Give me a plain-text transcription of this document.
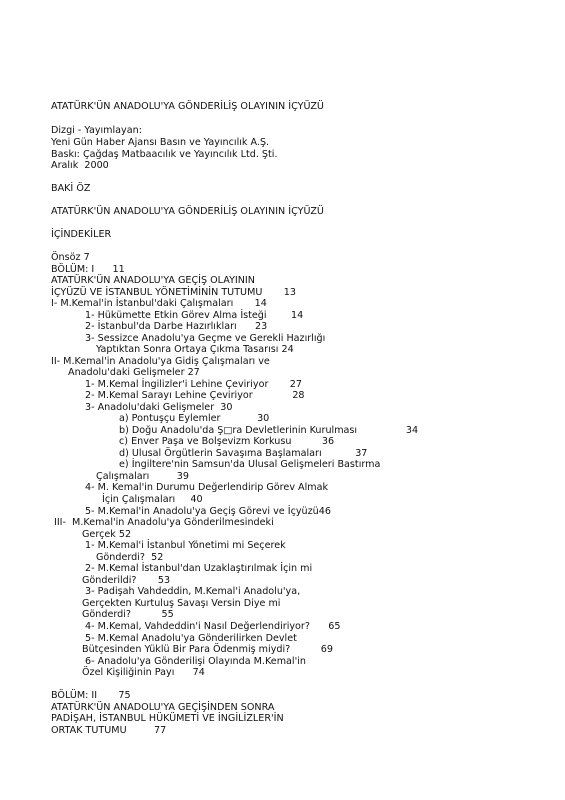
ATATÜRK'ÜN ANADOLU'YA GÖNDERİLİŞ OLAYININ İÇYÜZÜ
Dizgi - Yayımlayan:
Yeni Gün Haber Ajansı Basın ve Yayıncılık A.Ş.
Baskı: Çağdaş Matbaacılık ve Yayıncılık Ltd. Şti.
Aralık  2000
BAKİ ÖZ
ATATÜRK'ÜN ANADOLU'YA GÖNDERİLİŞ OLAYININ İÇYÜZÜ
İÇİNDEKİLER
Önsöz 7
BÖLÜM: I      11
ATATÜRK'ÜN ANADOLU'YA GEÇİŞ OLAYININ
İÇYÜZÜ VE İSTANBUL YÖNETİMİNİN TUTUMU       13
I- M.Kemal'in İstanbul'daki Çalışmaları       14
1- Hükümette Etkin Görev Alma İsteği        14
2- İstanbul'da Darbe Hazırlıkları      23
3- Sessizce Anadolu'ya Geçme ve Gerekli Hazırlığı
Yaptıktan Sonra Ortaya Çıkma Tasarısı 24
II- M.Kemal'in Anadolu'ya Gidiş Çalışmaları ve
Anadolu'daki Gelişmeler 27
1- M.Kemal İngilizler'i Lehine Çeviriyor       27
2- M.Kemal Sarayı Lehine Çeviriyor             28
3- Anadolu'daki Gelişmeler  30
a) Pontuşçu Eylemler            30
b) Doğu Anadolu'da Ş□ra Devletlerinin Kurulması                34
c) Enver Paşa ve Bolşevizm Korkusu          36
d) Ulusal Örgütlerin Savaşıma Başlamaları           37
e) İngiltere'nin Samsun'da Ulusal Gelişmeleri Bastırma
Çalışmaları         39
4- M. Kemal'in Durumu Değerlendirip Görev Almak
İçin Çalışmaları     40
5- M.Kemal'in Anadolu'ya Geçiş Görevi ve İçyüzü46
III-  M.Kemal'in Anadolu'ya Gönderilmesindeki
Gerçek 52
1- M.Kemal'i İstanbul Yönetimi mi Seçerek
Gönderdi?  52
2- M.Kemal İstanbul'dan Uzaklaştırılmak İçin mi
Gönderildi?       53
3- Padişah Vahdeddin, M.Kemal'i Anadolu'ya,
Gerçekten Kurtuluş Savaşı Versin Diye mi
Gönderdi?          55
4- M.Kemal, Vahdeddin'i Nasıl Değerlendiriyor?      65
5- M.Kemal Anadolu'ya Gönderilirken Devlet
Bütçesinden Yüklü Bir Para Ödenmiş miydi?          69
6- Anadolu'ya Gönderilişi Olayında M.Kemal'in
Özel Kişiliğinin Payı      74
BÖLÜM: II       75
ATATÜRK'ÜN ANADOLU'YA GEÇİŞİNDEN SONRA
PADİŞAH, İSTANBUL HÜKÜMETİ VE İNGİLİZLER'İN
ORTAK TUTUMU         77
